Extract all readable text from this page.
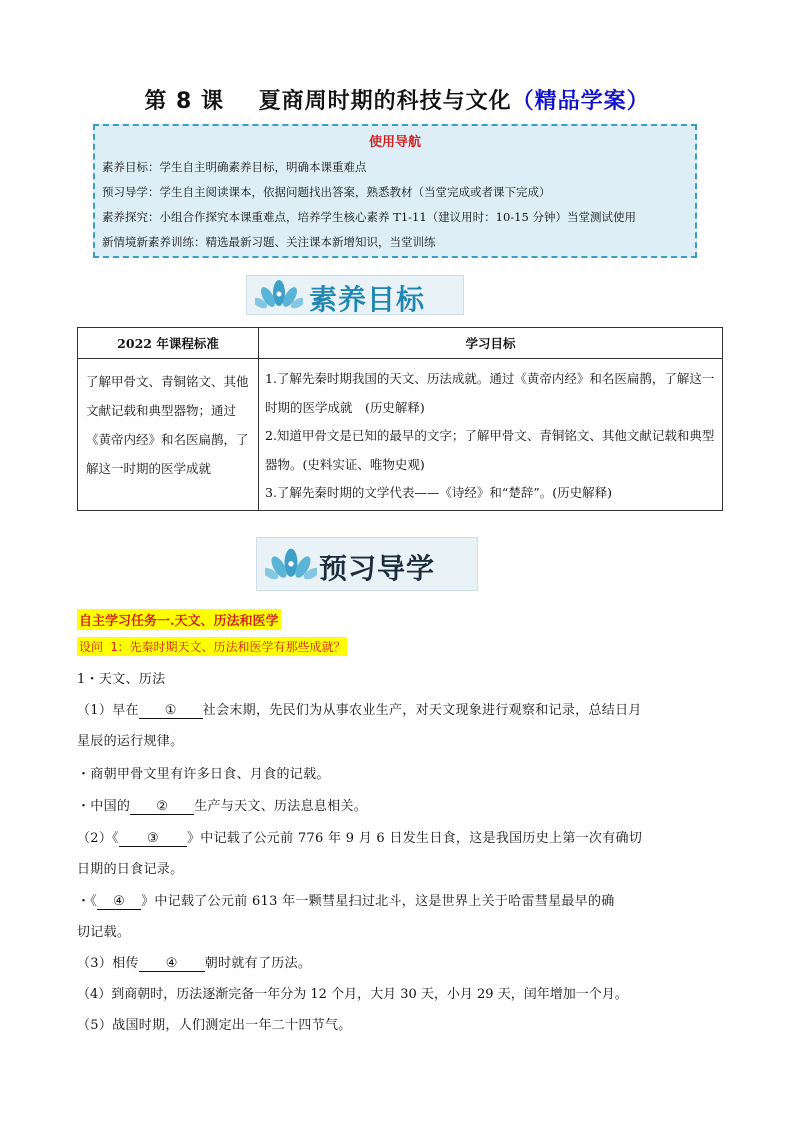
第 8 课 夏商周时期的科技与文化（精品学案）
使用导航
素养目标：学生自主明确素养目标，明确本课重难点
预习导学：学生自主阅读课本，依据问题找出答案，熟悉教材（当堂完成或者课下完成）
素养探究：小组合作探究本课重难点，培养学生核心素养 T1-11（建议用时：10-15 分钟）当堂测试使用
新情境新素养训练：精选最新习题、关注课本新增知识，当堂训练
素养目标
2022 年课程标准	学习目标
了解甲骨文、青铜铭文、其他文献记载和典型器物；通过《黄帝内经》和名医扁鹊，了解这一时期的医学成就	1.了解先秦时期我国的天文、历法成就。通过《黄帝内经》和名医扁鹊，了解这一时期的医学成就　(历史解释)
2.知道甲骨文是已知的最早的文字；了解甲骨文、青铜铭文、其他文献记载和典型器物。(史料实证、唯物史观)
3.了解先秦时期的文学代表——《诗经》和“楚辞”。(历史解释)
预习导学
自主学习任务一.天文、历法和医学
设问 1：先秦时期天文、历法和医学有那些成就？
1・天文、历法
（1）早在 ① 社会末期，先民们为从事农业生产，对天文现象进行观察和记录，总结日月
星辰的运行规律。
・商朝甲骨文里有许多日食、月食的记载。
・中国的 ② 生产与天文、历法息息相关。
（2）《 ③ 》中记载了公元前 776 年 9 月 6 日发生日食，这是我国历史上第一次有确切
日期的日食记录。
・《 ④ 》中记载了公元前 613 年一颗彗星扫过北斗，这是世界上关于哈雷彗星最早的确
切记载。
（3）相传 ④ 朝时就有了历法。
（4）到商朝时，历法逐渐完备一年分为 12 个月，大月 30 天，小月 29 天，闰年增加一个月。
（5）战国时期，人们测定出一年二十四节气。
